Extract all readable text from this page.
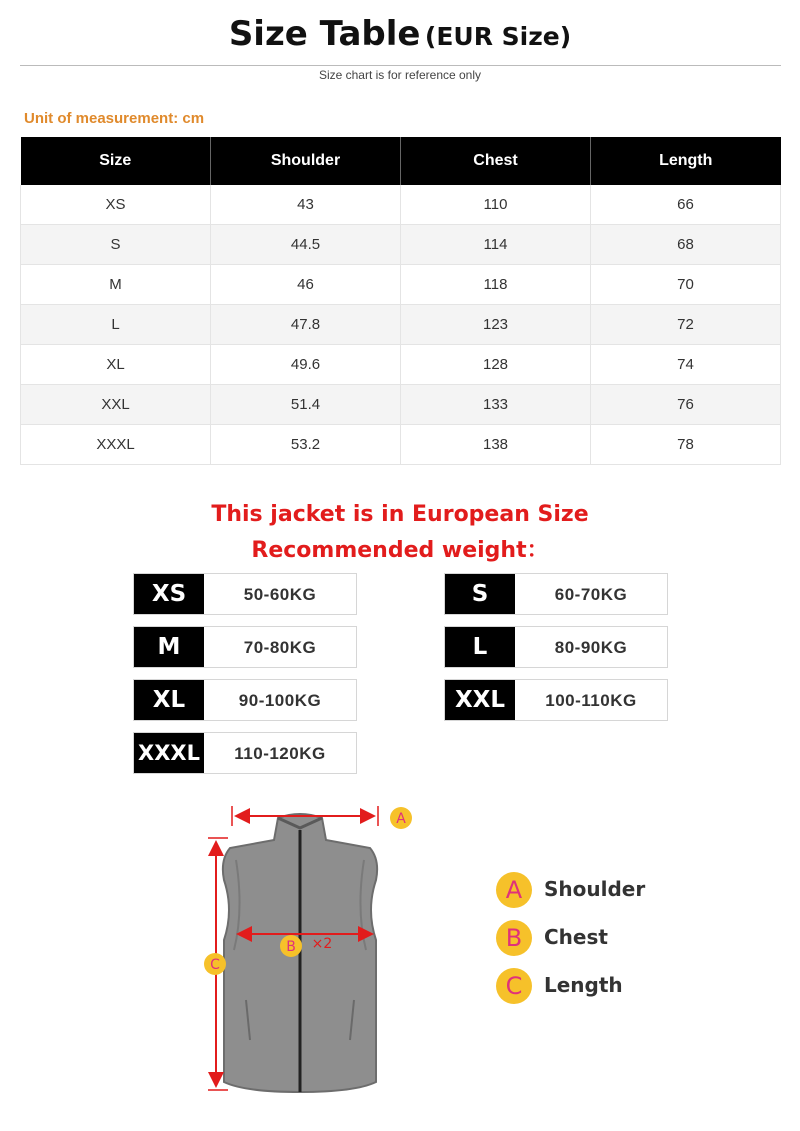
Size Table (EUR Size)
Size chart is for reference only
Unit of measurement: cm
Size	Shoulder	Chest	Length
XS	43	110	66
S	44.5	114	68
M	46	118	70
L	47.8	123	72
XL	49.6	128	74
XXL	51.4	133	76
XXXL	53.2	138	78
This jacket is in European Size
Recommended weight：
XS	50-60KG	S	60-70KG
M	70-80KG	L	80-90KG
XL	90-100KG	XXL	100-110KG
XXXL	110-120KG
A
B ×2
C
A	Shoulder
B	Chest
C	Length
